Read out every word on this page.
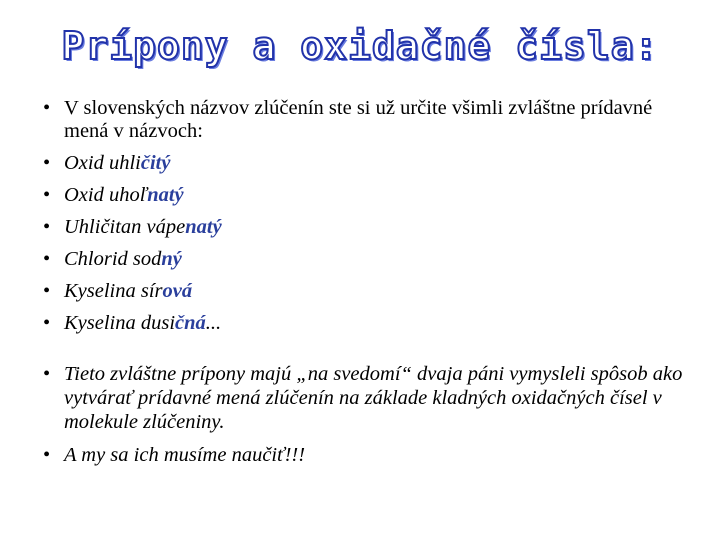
Prípony a oxidačné čísla:
• V slovenských názvov zlúčenín ste si už určite všimli zvláštne prídavné mená v názvoch:
• Oxid uhličitý
• Oxid uhoľnatý
• Uhličitan vápenatý
• Chlorid sodný
• Kyselina sírová
• Kyselina dusičná...
• Tieto zvláštne prípony majú „na svedomí“ dvaja páni vymysleli spôsob ako vytvárať prídavné mená zlúčenín na základe kladných oxidačných čísel v molekule zlúčeniny.
• A my sa ich musíme naučiť!!!
